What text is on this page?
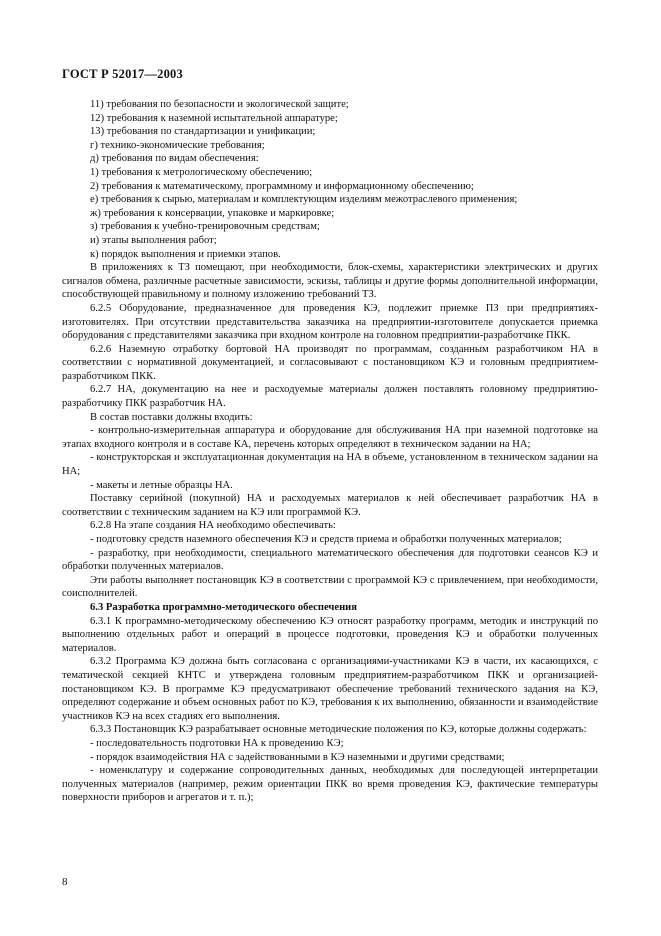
ГОСТ Р 52017—2003

11) требования по безопасности и экологической защите;

12) требования к наземной испытательной аппаратуре;

13) требования по стандартизации и унификации;

г) технико-экономические требования;

д) требования по видам обеспечения:

1) требования к метрологическому обеспечению;

2) требования к математическому, программному и информационному обеспечению;

е) требования к сырью, материалам и комплектующим изделиям межотраслевого применения;

ж) требования к консервации, упаковке и маркировке;

з) требования к учебно-тренировочным средствам;

и) этапы выполнения работ;

к) порядок выполнения и приемки этапов.

В приложениях к ТЗ помещают, при необходимости, блок-схемы, характеристики электрических и других сигналов обмена, различные расчетные зависимости, эскизы, таблицы и другие формы дополнительной информации, способствующей правильному и полному изложению требований ТЗ.

6.2.5 Оборудование, предназначенное для проведения КЭ, подлежит приемке ПЗ при предприятиях-изготовителях. При отсутствии представительства заказчика на предприятии-изготовителе допускается приемка оборудования с представителями заказчика при входном контроле на головном предприятии-разработчике ПКК.

6.2.6 Наземную отработку бортовой НА производят по программам, созданным разработчиком НА в соответствии с нормативной документацией, и согласовывают с постановщиком КЭ и головным предприятием-разработчиком ПКК.

6.2.7 НА, документацию на нее и расходуемые материалы должен поставлять головному предприятию-разработчику ПКК разработчик НА.

В состав поставки должны входить:

- контрольно-измерительная аппаратура и оборудование для обслуживания НА при наземной подготовке на этапах входного контроля и в составе КА, перечень которых определяют в техническом задании на НА;

- конструкторская и эксплуатационная документация на НА в объеме, установленном в техническом задании на НА;

- макеты и летные образцы НА.

Поставку серийной (покупной) НА и расходуемых материалов к ней обеспечивает разработчик НА в соответствии с техническим заданием на КЭ или программой КЭ.

6.2.8 На этапе создания НА необходимо обеспечивать:

- подготовку средств наземного обеспечения КЭ и средств приема и обработки полученных материалов;

- разработку, при необходимости, специального математического обеспечения для подготовки сеансов КЭ и обработки полученных материалов.

Эти работы выполняет постановщик КЭ в соответствии с программой КЭ с привлечением, при необходимости, соисполнителей.

6.3 Разработка программно-методического обеспечения

6.3.1 К программно-методическому обеспечению КЭ относят разработку программ, методик и инструкций по выполнению отдельных работ и операций в процессе подготовки, проведения КЭ и обработки полученных материалов.

6.3.2 Программа КЭ должна быть согласована с организациями-участниками КЭ в части, их касающихся, с тематической секцией КНТС и утверждена головным предприятием-разработчиком ПКК и организацией-постановщиком КЭ. В программе КЭ предусматривают обеспечение требований технического задания на КЭ, определяют содержание и объем основных работ по КЭ, требования к их выполнению, обязанности и взаимодействие участников КЭ на всех стадиях его выполнения.

6.3.3 Постановщик КЭ разрабатывает основные методические положения по КЭ, которые должны содержать:

- последовательность подготовки НА к проведению КЭ;

- порядок взаимодействия НА с задействованными в КЭ наземными и другими средствами;

- номенклатуру и содержание сопроводительных данных, необходимых для последующей интерпретации полученных материалов (например, режим ориентации ПКК во время проведения КЭ, фактические температуры поверхности приборов и агрегатов и т. п.);

8
